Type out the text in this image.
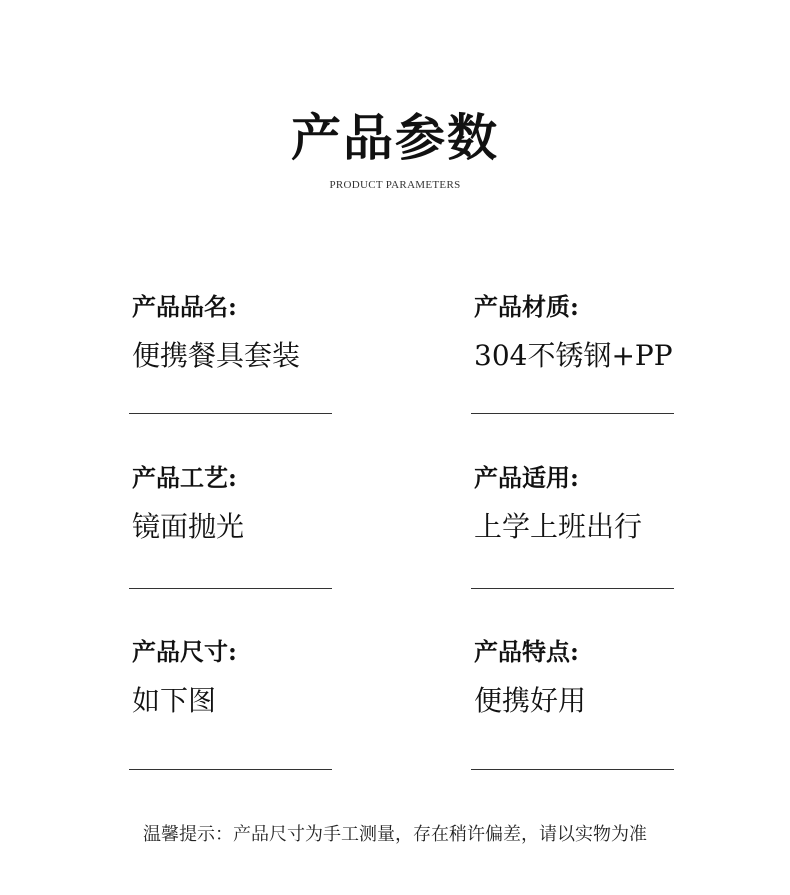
产品参数
PRODUCT PARAMETERS
产品品名:
便携餐具套装
产品材质:
304不锈钢+PP
产品工艺:
镜面抛光
产品适用:
上学上班出行
产品尺寸:
如下图
产品特点:
便携好用
温馨提示：产品尺寸为手工测量，存在稍许偏差，请以实物为准
